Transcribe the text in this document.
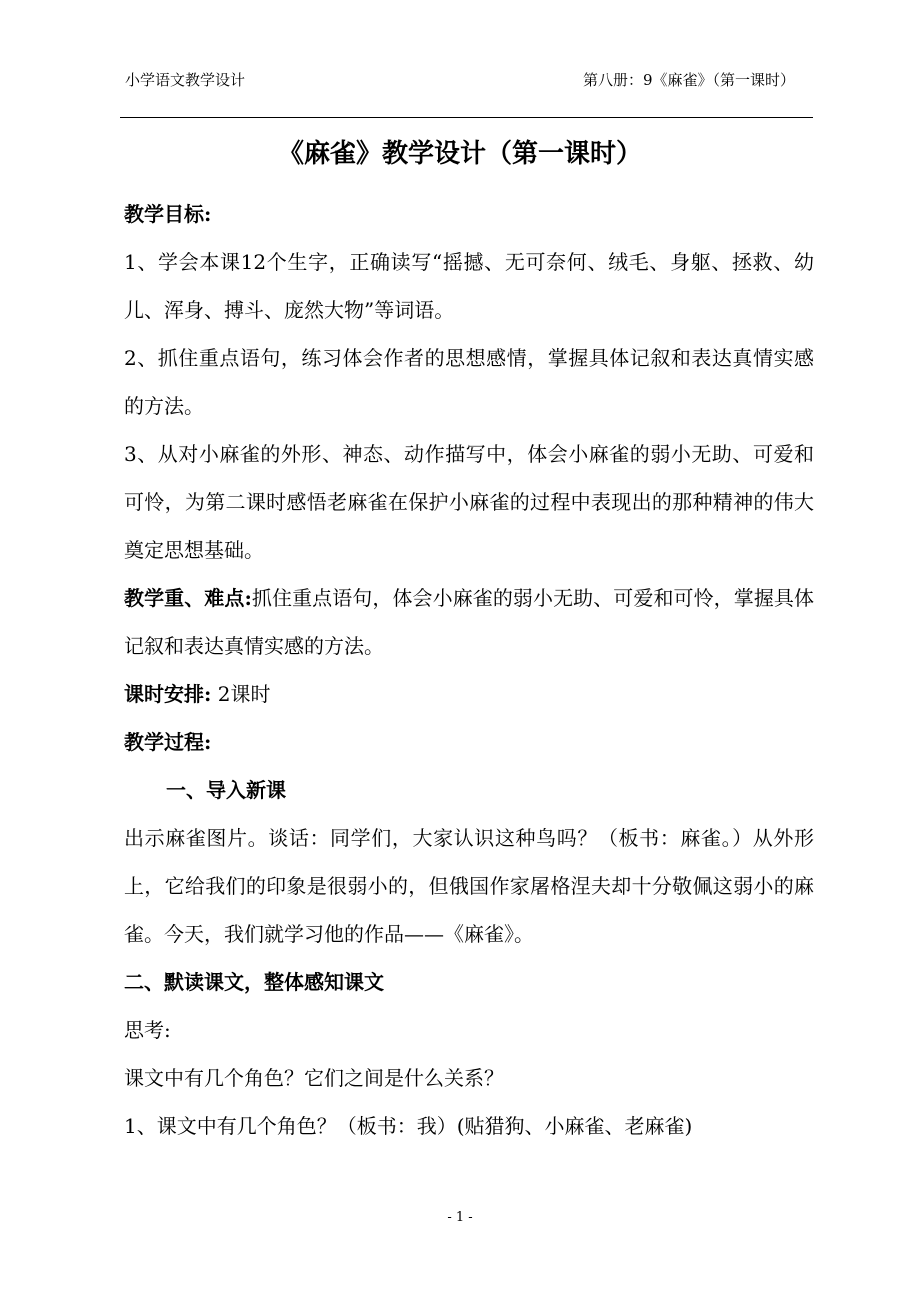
小学语文教学设计	第八册：9《麻雀》（第一课时）
《麻雀》教学设计（第一课时）

教学目标:

1、学会本课12个生字，正确读写“摇撼、无可奈何、绒毛、身躯、拯救、幼儿、浑身、搏斗、庞然大物”等词语。

2、抓住重点语句，练习体会作者的思想感情，掌握具体记叙和表达真情实感的方法。

3、从对小麻雀的外形、神态、动作描写中，体会小麻雀的弱小无助、可爱和可怜，为第二课时感悟老麻雀在保护小麻雀的过程中表现出的那种精神的伟大奠定思想基础。

教学重、难点:抓住重点语句，体会小麻雀的弱小无助、可爱和可怜，掌握具体记叙和表达真情实感的方法。

课时安排: 2课时

教学过程:

一、导入新课

出示麻雀图片。谈话：同学们，大家认识这种鸟吗？（板书：麻雀。）从外形上，它给我们的印象是很弱小的，但俄国作家屠格涅夫却十分敬佩这弱小的麻雀。今天，我们就学习他的作品——《麻雀》。

二、默读课文，整体感知课文

思考:

课文中有几个角色？它们之间是什么关系？

1、课文中有几个角色？（板书：我）(贴猎狗、小麻雀、老麻雀)

- 1 -
